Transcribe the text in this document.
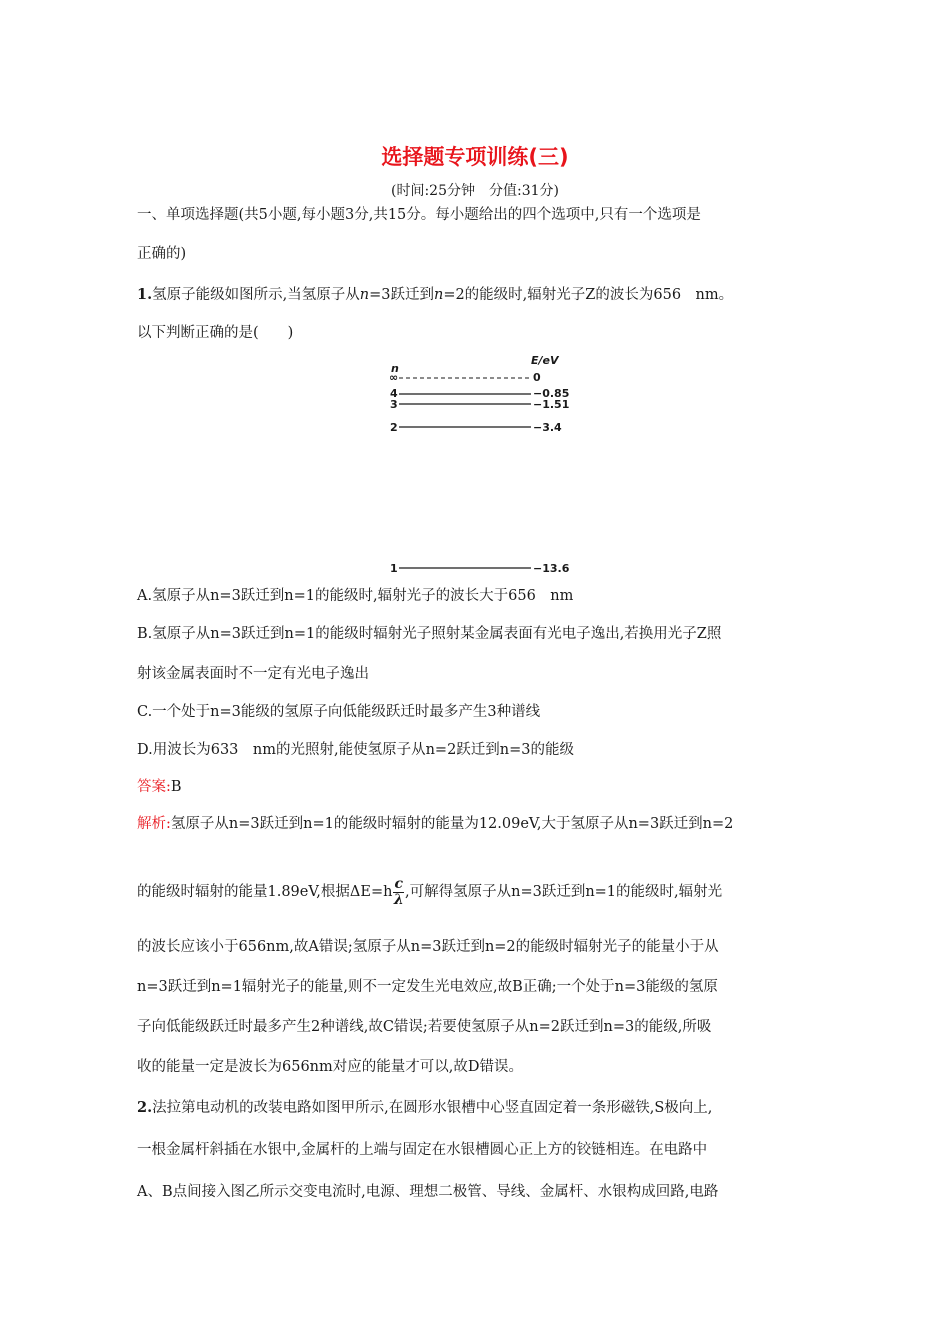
选择题专项训练(三)
(时间:25分钟　分值:31分)
一、单项选择题(共5小题,每小题3分,共15分。每小题给出的四个选项中,只有一个选项是
正确的)
1.氢原子能级如图所示,当氢原子从n=3跃迁到n=2的能级时,辐射光子Z的波长为656　nm。
以下判断正确的是(　　)
n
E/eV
∞	0
4	−0.85
3	−1.51
2	−3.4
1	−13.6
A.氢原子从n=3跃迁到n=1的能级时,辐射光子的波长大于656　nm
B.氢原子从n=3跃迁到n=1的能级时辐射光子照射某金属表面有光电子逸出,若换用光子Z照
射该金属表面时不一定有光电子逸出
C.一个处于n=3能级的氢原子向低能级跃迁时最多产生3种谱线
D.用波长为633　nm的光照射,能使氢原子从n=2跃迁到n=3的能级
答案:B
解析:氢原子从n=3跃迁到n=1的能级时辐射的能量为12.09eV,大于氢原子从n=3跃迁到n=2
的能级时辐射的能量1.89eV,根据$\Delta E=h \frac{c}{\lambda}$ ,可解得氢原子从n=3跃迁到n=1的能级时,辐射光
的波长应该小于656nm,故A错误;氢原子从n=3跃迁到n=2的能级时辐射光子的能量小于从
n=3跃迁到n=1辐射光子的能量,则不一定发生光电效应,故B正确;一个处于n=3能级的氢原
子向低能级跃迁时最多产生2种谱线,故C错误;若要使氢原子从n=2跃迁到n=3的能级,所吸
收的能量一定是波长为656nm对应的能量才可以,故D错误。
2.法拉第电动机的改装电路如图甲所示,在圆形水银槽中心竖直固定着一条形磁铁,S极向上,
一根金属杆斜插在水银中,金属杆的上端与固定在水银槽圆心正上方的铰链相连。在电路中
A、B点间接入图乙所示交变电流时,电源、理想二极管、导线、金属杆、水银构成回路,电路
